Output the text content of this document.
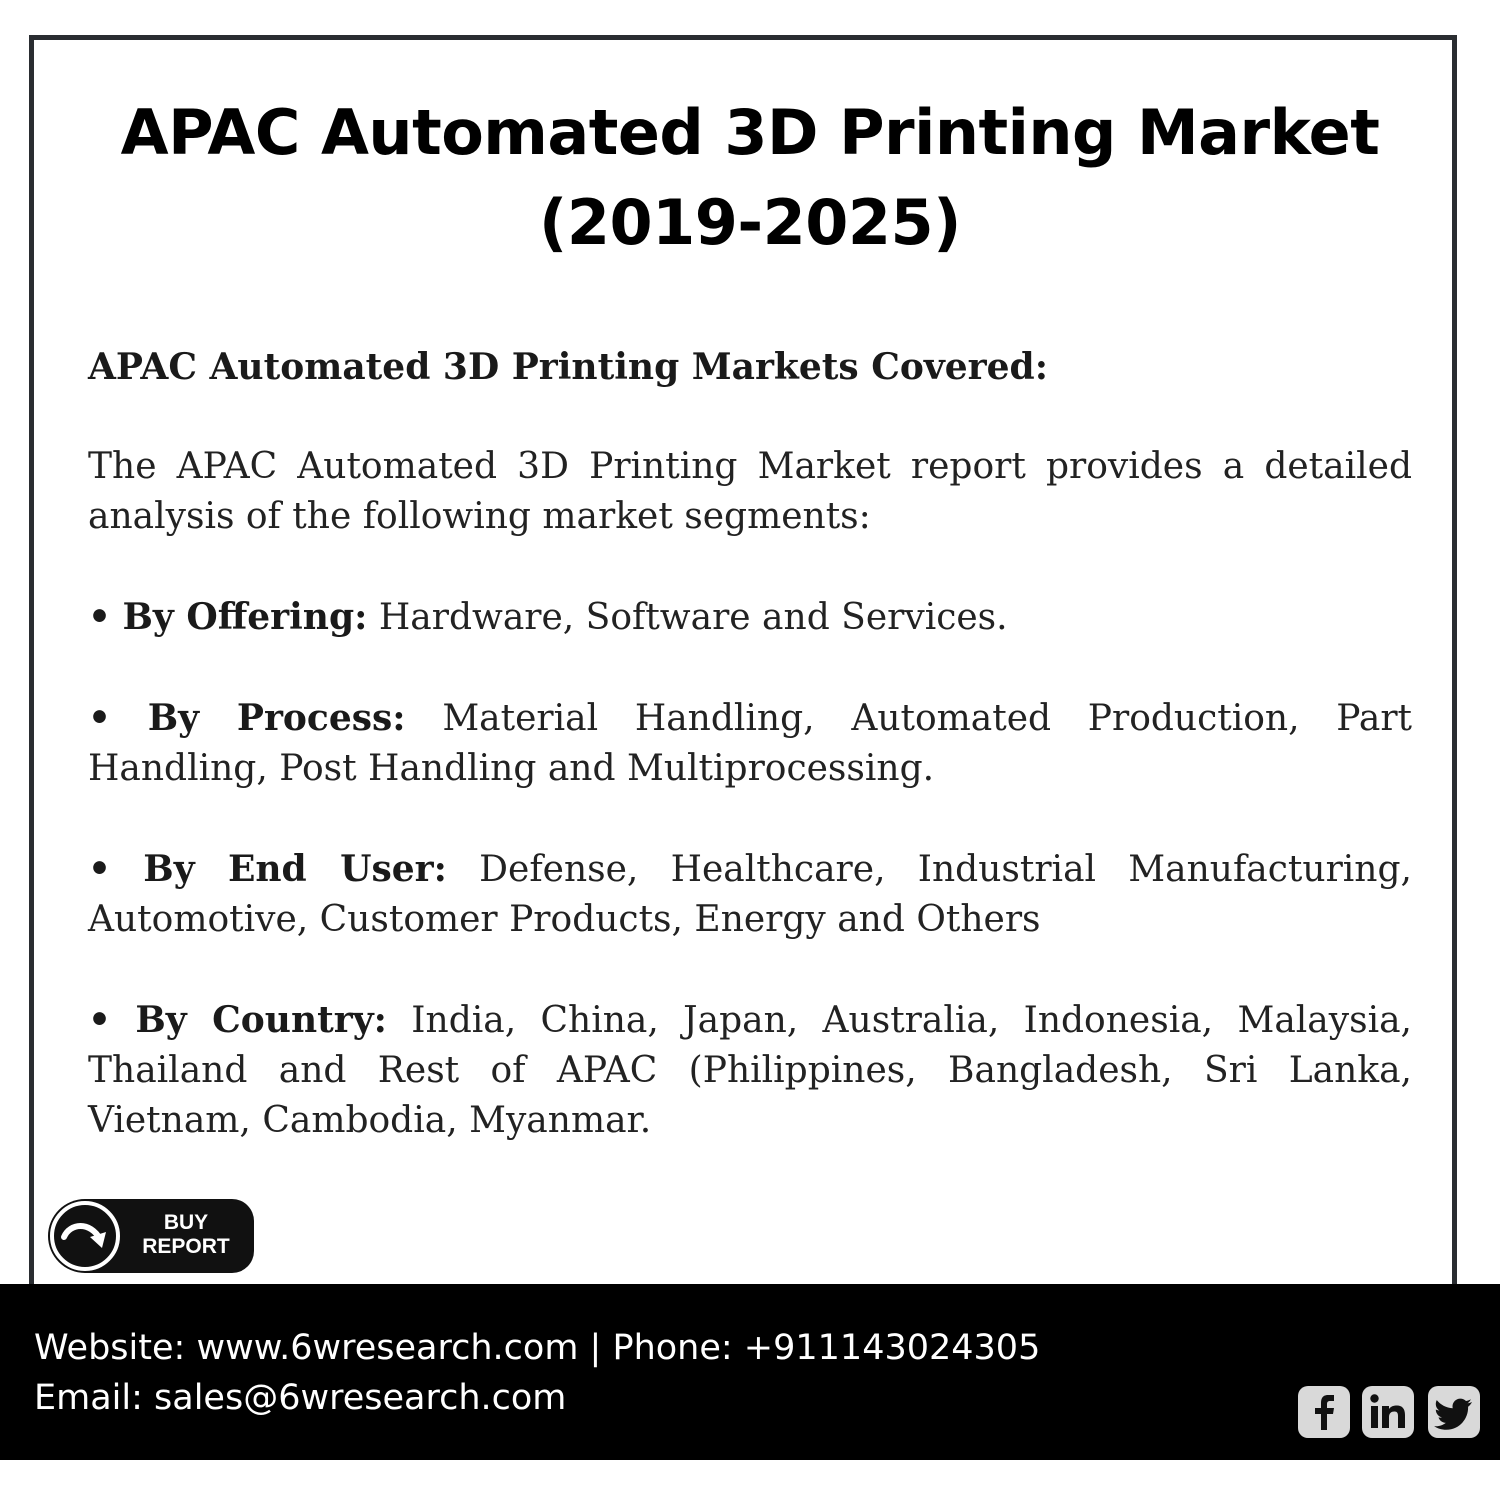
APAC Automated 3D Printing Market
(2019-2025)

APAC Automated 3D Printing Markets Covered:

The APAC Automated 3D Printing Market report provides a detailed analysis of the following market segments:

• By Offering: Hardware, Software and Services.

• By Process: Material Handling, Automated Production, Part Handling, Post Handling and Multiprocessing.

• By End User: Defense, Healthcare, Industrial Manufacturing, Automotive, Customer Products, Energy and Others

• By Country: India, China, Japan, Australia, Indonesia, Malaysia, Thailand and Rest of APAC (Philippines, Bangladesh, Sri Lanka, Vietnam, Cambodia, Myanmar.

BUY
REPORT
Website: www.6wresearch.com | Phone: +911143024305
Email: sales@6wresearch.com
